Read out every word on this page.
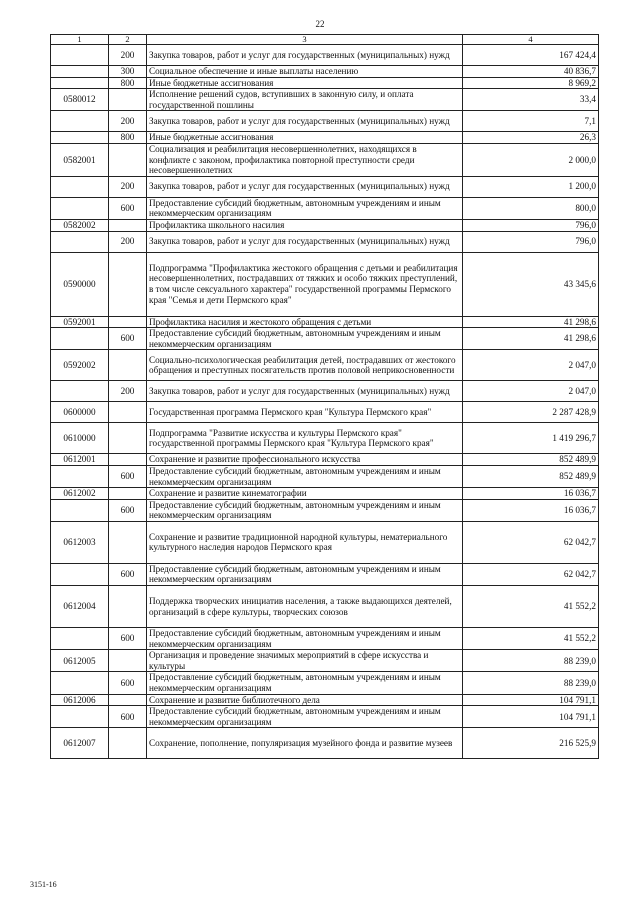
22
1	2	3	4
	200	Закупка товаров, работ и услуг для государственных (муниципальных) нужд	167 424,4
	300	Социальное обеспечение и иные выплаты населению	40 836,7
	800	Иные бюджетные ассигнования	8 969,2
0580012		Исполнение решений судов, вступивших в законную силу, и оплата государственной пошлины	33,4
	200	Закупка товаров, работ и услуг для государственных (муниципальных) нужд	7,1
	800	Иные бюджетные ассигнования	26,3
0582001		Социализация и реабилитация несовершеннолетних, находящихся в конфликте с законом, профилактика повторной преступности среди несовершеннолетних	2 000,0
	200	Закупка товаров, работ и услуг для государственных (муниципальных) нужд	1 200,0
	600	Предоставление субсидий бюджетным, автономным учреждениям и иным некоммерческим организациям	800,0
0582002		Профилактика школьного насилия	796,0
	200	Закупка товаров, работ и услуг для государственных (муниципальных) нужд	796,0
0590000		Подпрограмма "Профилактика жестокого обращения с детьми и реабилитация несовершеннолетних, пострадавших от тяжких и особо тяжких преступлений, в том числе сексуального характера" государственной программы Пермского края "Семья и дети Пермского края"	43 345,6
0592001		Профилактика насилия и жестокого обращения с детьми	41 298,6
	600	Предоставление субсидий бюджетным, автономным учреждениям и иным некоммерческим организациям	41 298,6
0592002		Социально-психологическая реабилитация детей, пострадавших от жестокого обращения и преступных посягательств против половой неприкосновенности	2 047,0
	200	Закупка товаров, работ и услуг для государственных (муниципальных) нужд	2 047,0
0600000		Государственная программа Пермского края "Культура Пермского края"	2 287 428,9
0610000		Подпрограмма "Развитие искусства и культуры Пермского края" государственной программы Пермского края "Культура Пермского края"	1 419 296,7
0612001		Сохранение и развитие профессионального искусства	852 489,9
	600	Предоставление субсидий бюджетным, автономным учреждениям и иным некоммерческим организациям	852 489,9
0612002		Сохранение и развитие кинематографии	16 036,7
	600	Предоставление субсидий бюджетным, автономным учреждениям и иным некоммерческим организациям	16 036,7
0612003		Сохранение и развитие традиционной народной культуры, нематериального культурного наследия народов Пермского края	62 042,7
	600	Предоставление субсидий бюджетным, автономным учреждениям и иным некоммерческим организациям	62 042,7
0612004		Поддержка творческих инициатив населения, а также выдающихся деятелей, организаций в сфере культуры, творческих союзов	41 552,2
	600	Предоставление субсидий бюджетным, автономным учреждениям и иным некоммерческим организациям	41 552,2
0612005		Организация и проведение значимых мероприятий в сфере искусства и культуры	88 239,0
	600	Предоставление субсидий бюджетным, автономным учреждениям и иным некоммерческим организациям	88 239,0
0612006		Сохранение и развитие библиотечного дела	104 791,1
	600	Предоставление субсидий бюджетным, автономным учреждениям и иным некоммерческим организациям	104 791,1
0612007		Сохранение, пополнение, популяризация музейного фонда и развитие музеев	216 525,9
3151-16
